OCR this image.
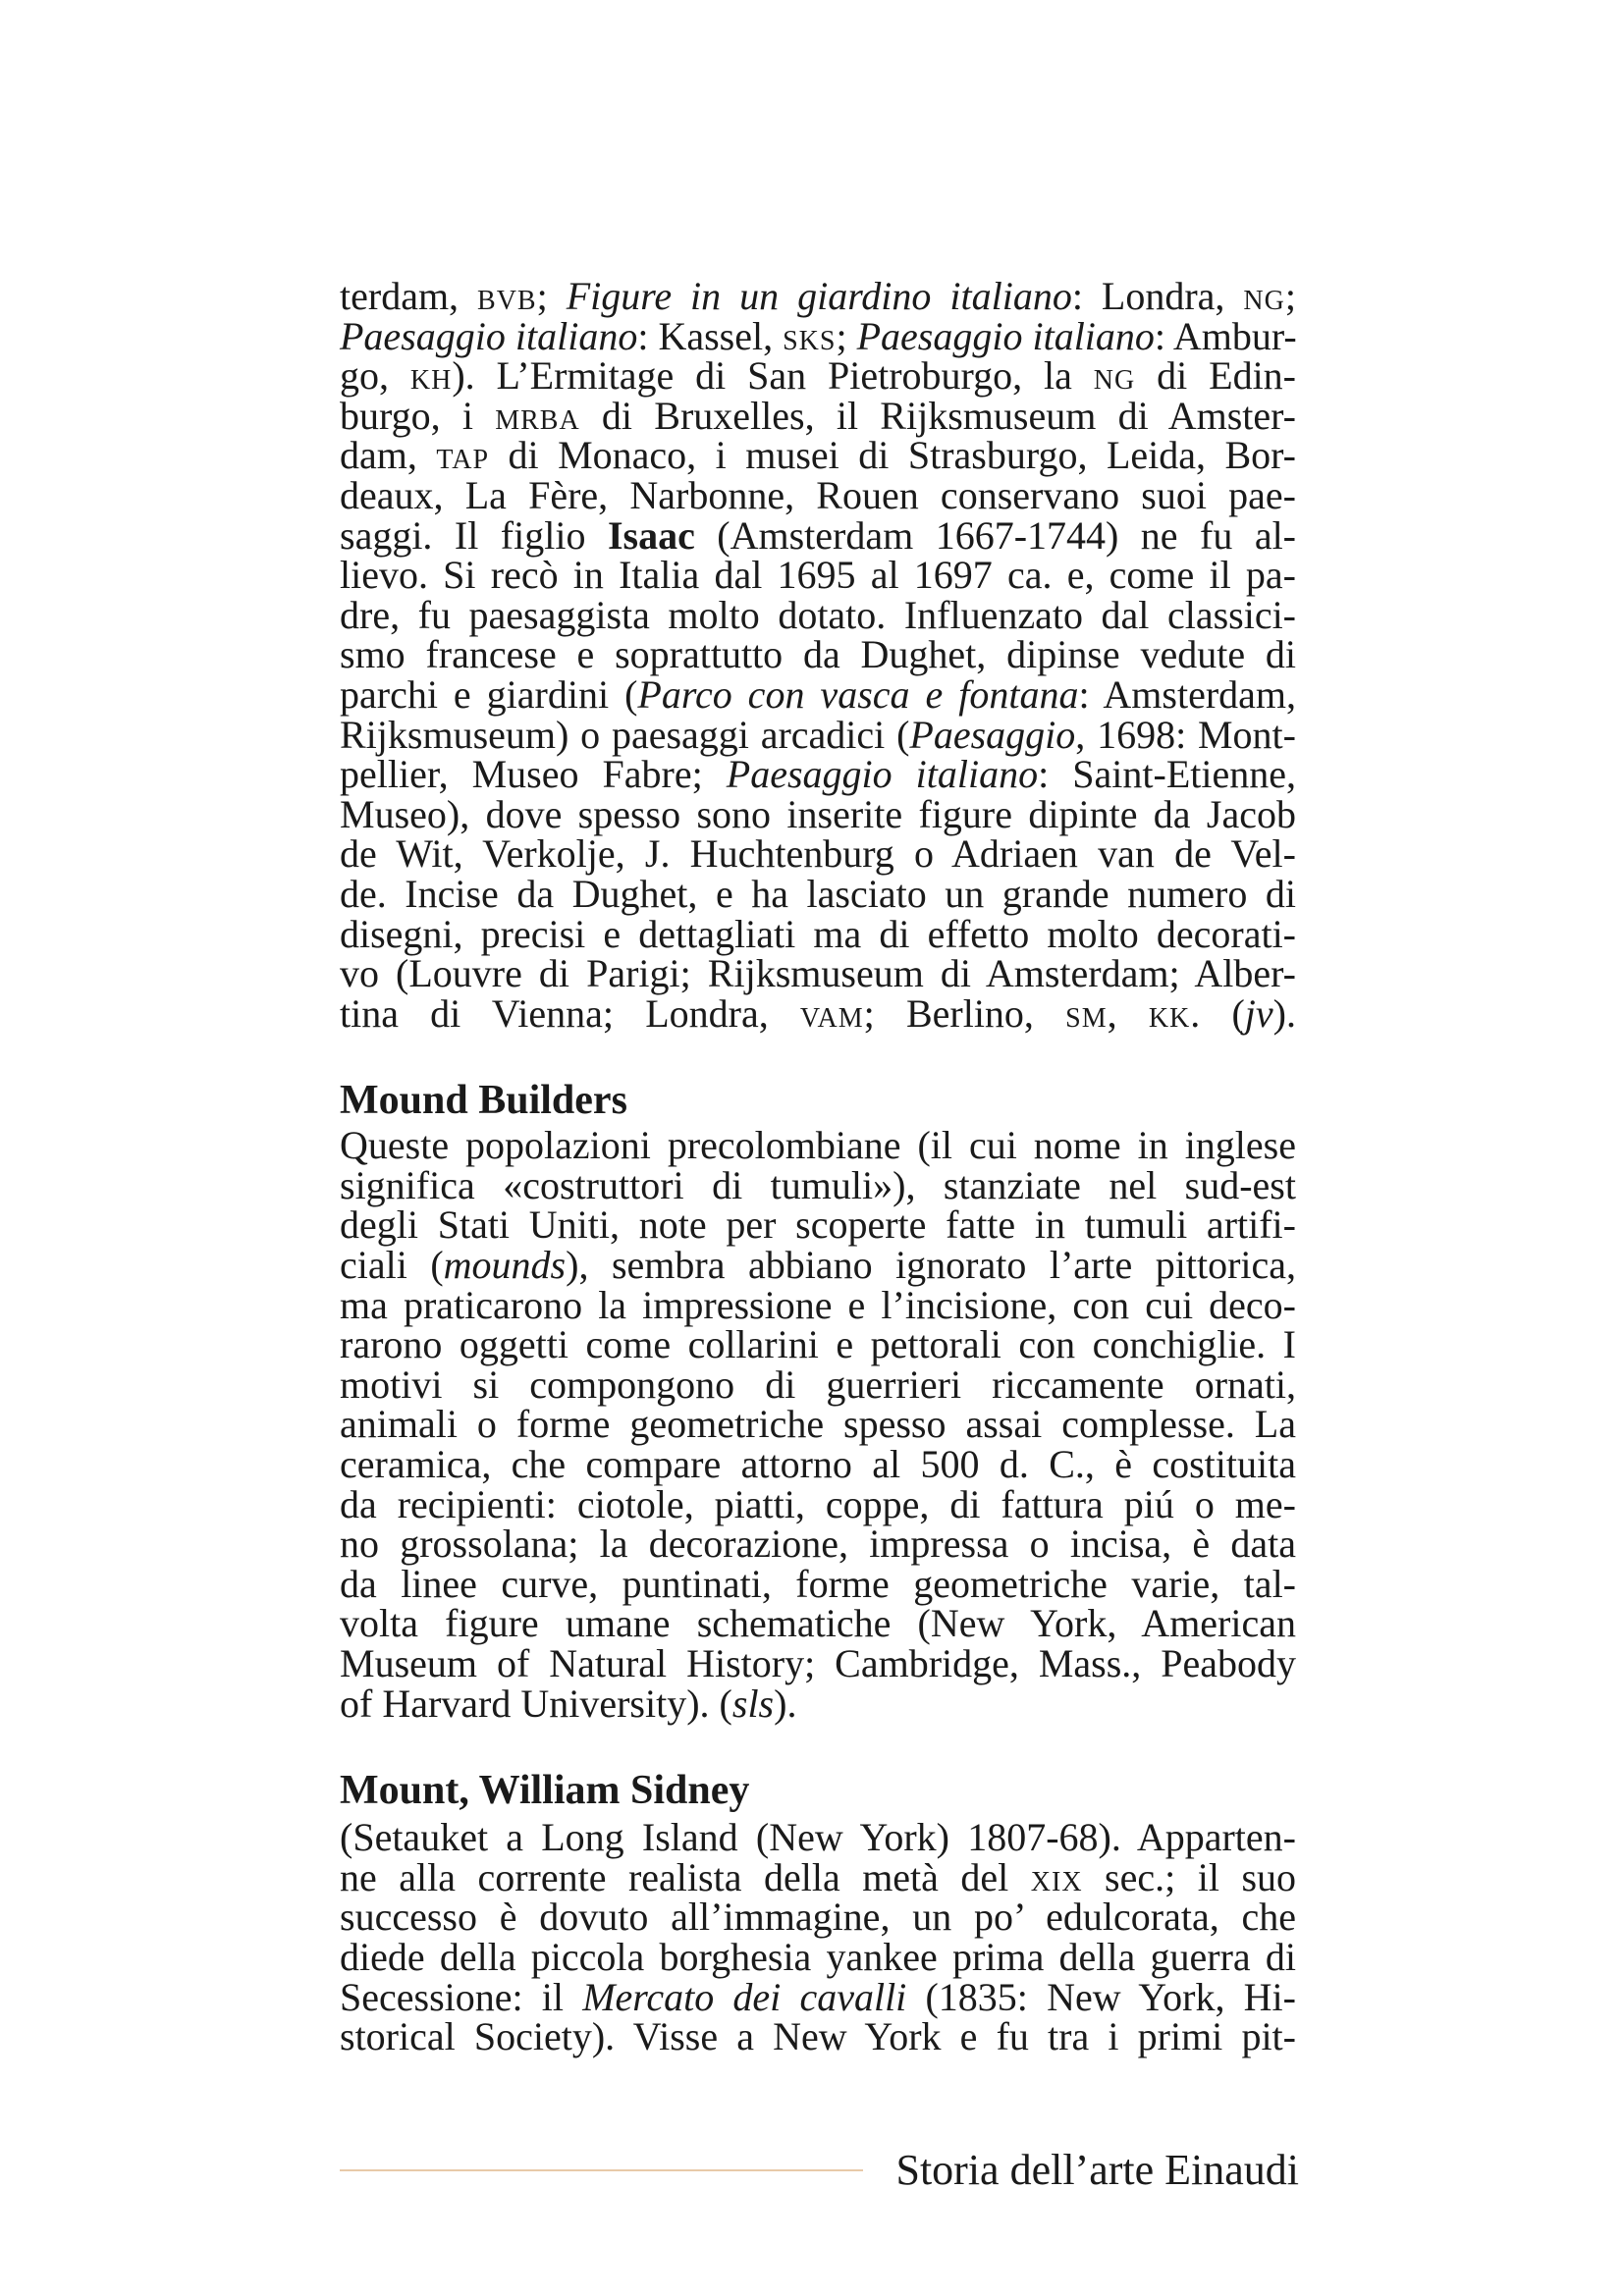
terdam, bvb; Figure in un giardino italiano: Londra, ng;
Paesaggio italiano: Kassel, sks; Paesaggio italiano: Ambur-
go, kh). L’Ermitage di San Pietroburgo, la ng di Edin-
burgo, i mrba di Bruxelles, il Rijksmuseum di Amster-
dam, tap di Monaco, i musei di Strasburgo, Leida, Bor-
deaux, La Fère, Narbonne, Rouen conservano suoi pae-
saggi. Il figlio Isaac (Amsterdam 1667-1744) ne fu al-
lievo. Si recò in Italia dal 1695 al 1697 ca. e, come il pa-
dre, fu paesaggista molto dotato. Influenzato dal classici-
smo francese e soprattutto da Dughet, dipinse vedute di
parchi e giardini (Parco con vasca e fontana: Amsterdam,
Rijksmuseum) o paesaggi arcadici (Paesaggio, 1698: Mont-
pellier, Museo Fabre; Paesaggio italiano: Saint-Etienne,
Museo), dove spesso sono inserite figure dipinte da Jacob
de Wit, Verkolje, J. Huchtenburg o Adriaen van de Vel-
de. Incise da Dughet, e ha lasciato un grande numero di
disegni, precisi e dettagliati ma di effetto molto decorati-
vo (Louvre di Parigi; Rijksmuseum di Amsterdam; Alber-
tina di Vienna; Londra, vam; Berlino, sm, kk. (jv).
Mound Builders
Queste popolazioni precolombiane (il cui nome in inglese
significa «costruttori di tumuli»), stanziate nel sud-est
degli Stati Uniti, note per scoperte fatte in tumuli artifi-
ciali (mounds), sembra abbiano ignorato l’arte pittorica,
ma praticarono la impressione e l’incisione, con cui deco-
rarono oggetti come collarini e pettorali con conchiglie. I
motivi si compongono di guerrieri riccamente ornati,
animali o forme geometriche spesso assai complesse. La
ceramica, che compare attorno al 500 d. C., è costituita
da recipienti: ciotole, piatti, coppe, di fattura piú o me-
no grossolana; la decorazione, impressa o incisa, è data
da linee curve, puntinati, forme geometriche varie, tal-
volta figure umane schematiche (New York, American
Museum of Natural History; Cambridge, Mass., Peabody
of Harvard University). (sls).
Mount, William Sidney
(Setauket a Long Island (New York) 1807-68). Apparten-
ne alla corrente realista della metà del xix sec.; il suo
successo è dovuto all’immagine, un po’ edulcorata, che
diede della piccola borghesia yankee prima della guerra di
Secessione: il Mercato dei cavalli (1835: New York, Hi-
storical Society). Visse a New York e fu tra i primi pit-
Storia dell’arte Einaudi
